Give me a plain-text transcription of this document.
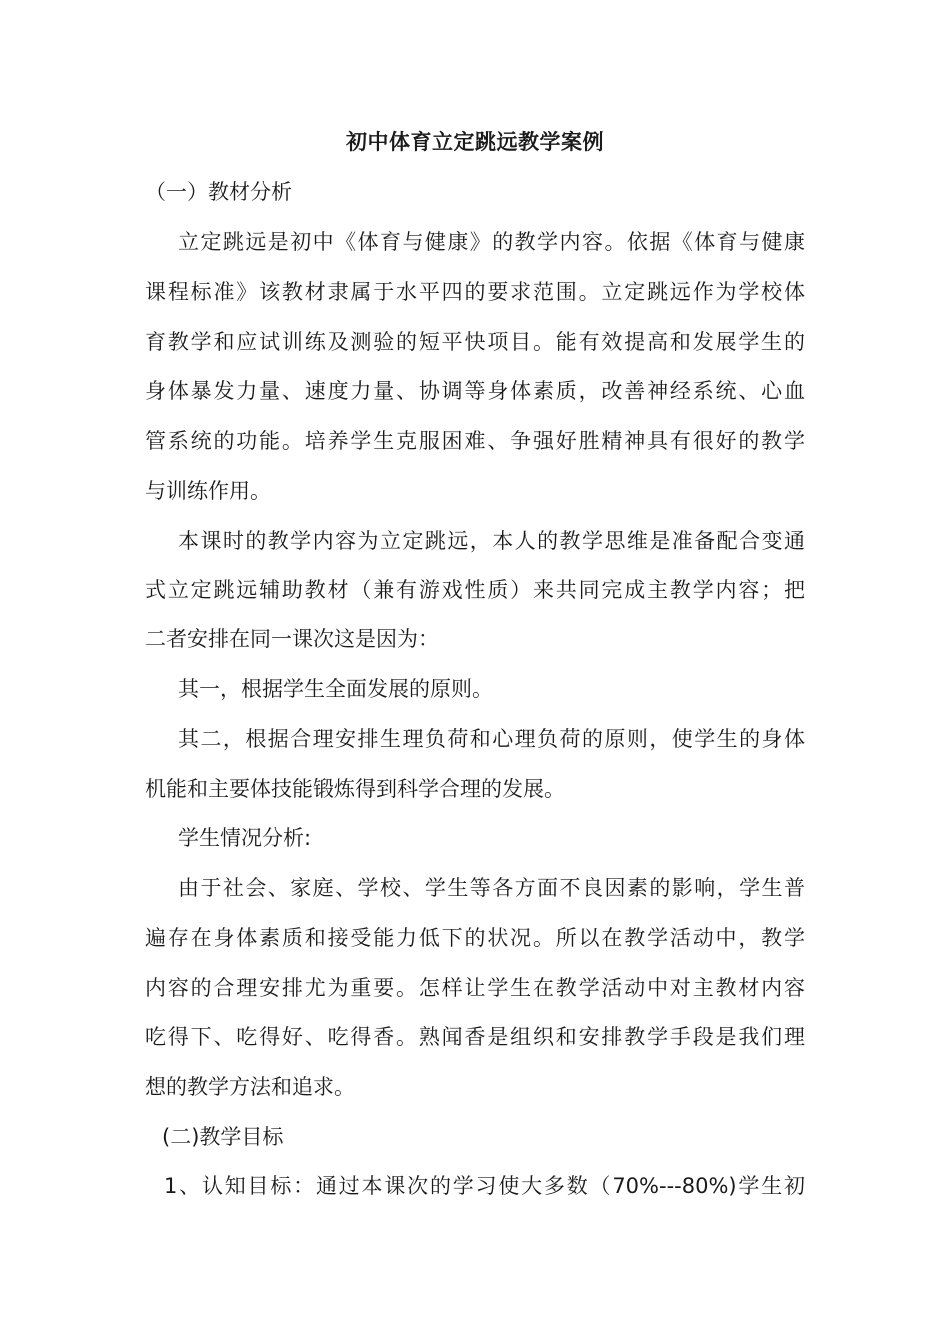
初中体育立定跳远教学案例
（一）教材分析
立定跳远是初中《体育与健康》的教学内容。依据《体育与健康
课程标准》该教材隶属于水平四的要求范围。立定跳远作为学校体
育教学和应试训练及测验的短平快项目。能有效提高和发展学生的
身体暴发力量、速度力量、协调等身体素质，改善神经系统、心血
管系统的功能。培养学生克服困难、争强好胜精神具有很好的教学
与训练作用。
本课时的教学内容为立定跳远，本人的教学思维是准备配合变通
式立定跳远辅助教材（兼有游戏性质）来共同完成主教学内容；把
二者安排在同一课次这是因为：
其一，根据学生全面发展的原则。
其二，根据合理安排生理负荷和心理负荷的原则，使学生的身体
机能和主要体技能锻炼得到科学合理的发展。
学生情况分析:
由于社会、家庭、学校、学生等各方面不良因素的影响，学生普
遍存在身体素质和接受能力低下的状况。所以在教学活动中，教学
内容的合理安排尤为重要。怎样让学生在教学活动中对主教材内容
吃得下、吃得好、吃得香。熟闻香是组织和安排教学手段是我们理
想的教学方法和追求。
(二)教学目标
1、认知目标：通过本课次的学习使大多数（70%---80%)学生初
